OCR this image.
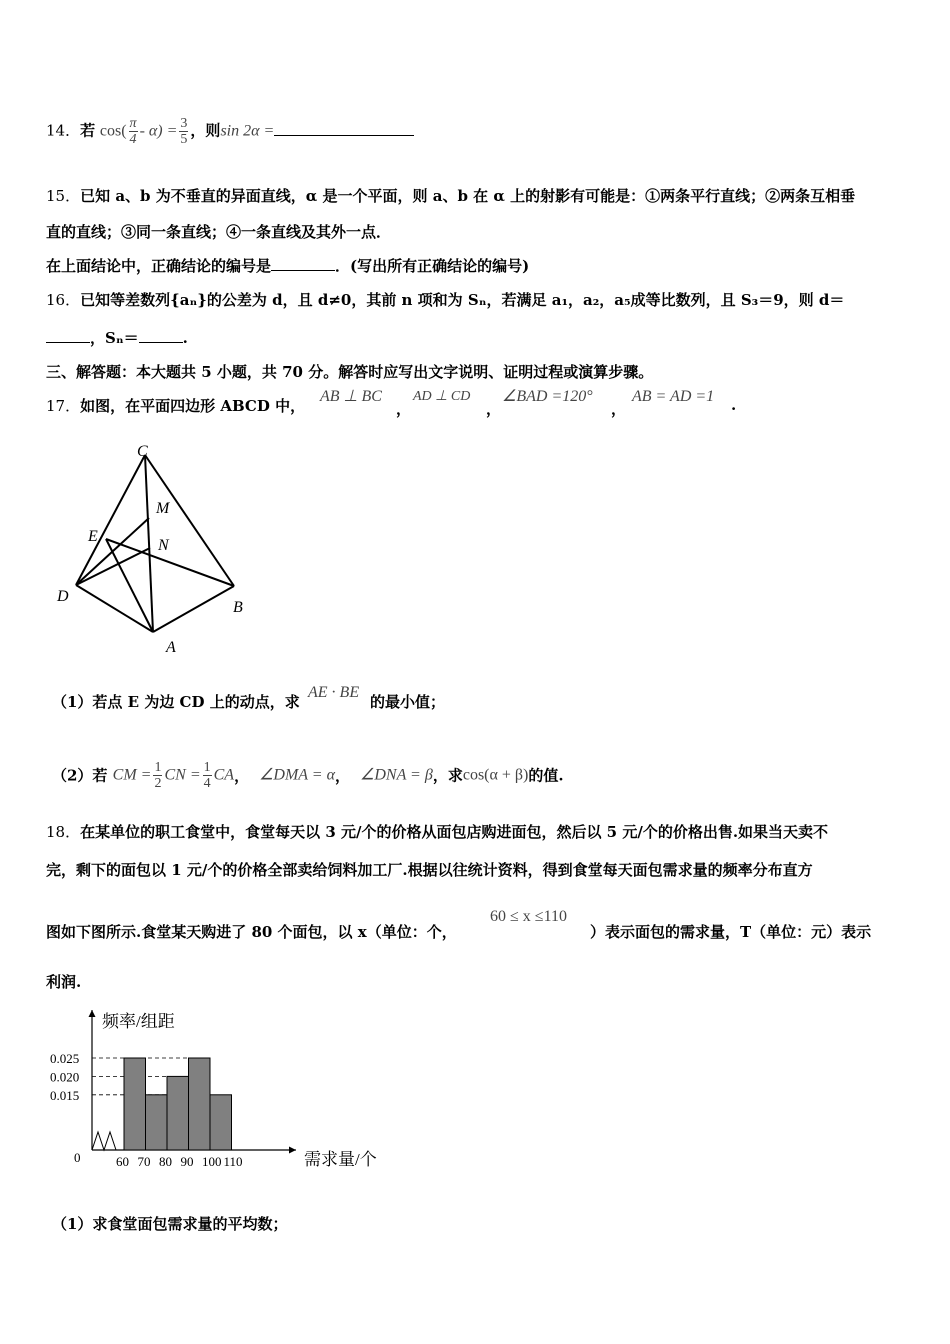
14．若 $\cos( \frac{\pi}{4} - \alpha) = \frac{3}{5}$ ，则sin 2α =
15．已知 a、b 为不垂直的异面直线，α 是一个平面，则 a、b 在 α 上的射影有可能是：①两条平行直线；②两条互相垂
直的直线；③同一条直线；④一条直线及其外一点．
在上面结论中，正确结论的编号是	．(写出所有正确结论的编号)
16．已知等差数列{aₙ}的公差为 d，且 d≠0，其前 n 项和为 Sₙ，若满足 a₁，a₂，a₅成等比数列，且 S₃＝9，则 d＝
，Sₙ＝	.
三、解答题：本大题共 5 小题，共 70 分。解答时应写出文字说明、证明过程或演算步骤。
17．如图，在平面四边形 ABCD 中，
AB ⊥ BC
，
AD ⊥ CD
，
∠BAD =120°
，
AB = AD =1 .
C
M
E
N
D
B
A
（1）若点 E 为边 CD 上的动点，求
AE · BE
的最小值；
（2）若 CM = $\frac{1}{2}$ CN = $\frac{1}{4}$ CA， ∠DMA = α， ∠DNA = β，求cos(α + β)的值.
18．在某单位的职工食堂中，食堂每天以 3 元/个的价格从面包店购进面包，然后以 5 元/个的价格出售.如果当天卖不
完，剩下的面包以 1 元/个的价格全部卖给饲料加工厂.根据以往统计资料，得到食堂每天面包需求量的频率分布直方
图如下图所示.食堂某天购进了 80 个面包，以 x（单位：个，
60 ≤ x ≤110
）表示面包的需求量，T（单位：元）表示
利润.
频率/组距
需求量/个
0
0.025
0.020
0.015
60 70 80 90 100 110
（1）求食堂面包需求量的平均数；
